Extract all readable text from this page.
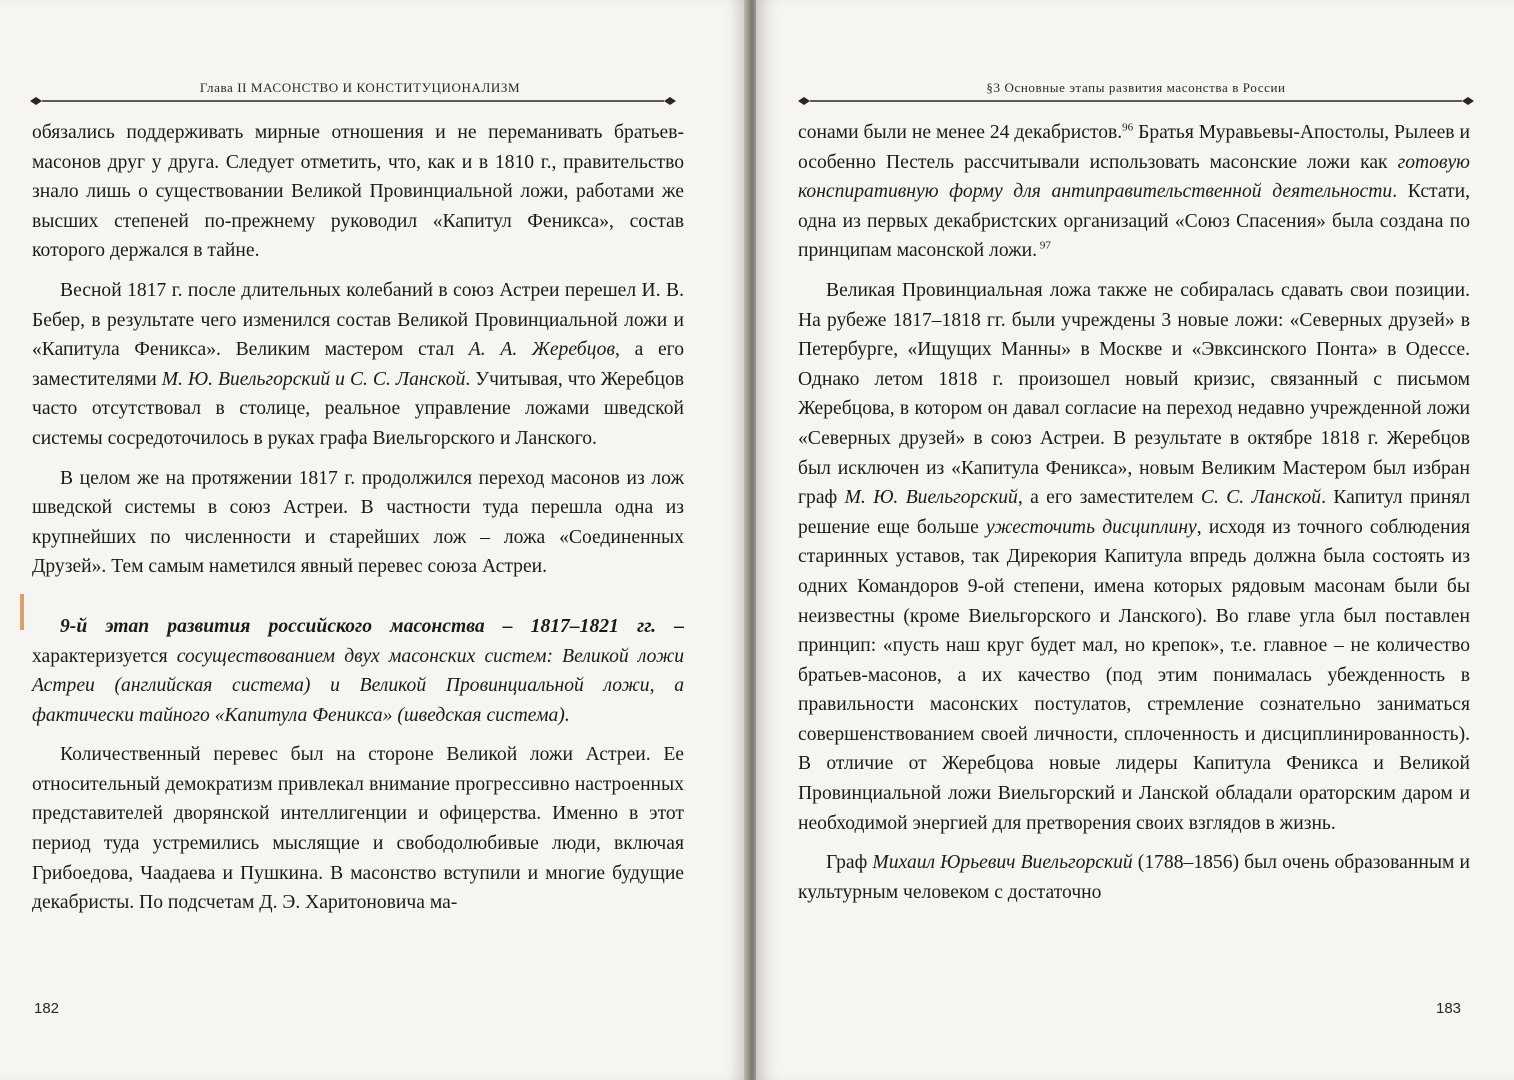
Глава II МАСОНСТВО И КОНСТИТУЦИОНАЛИЗМ

обязались поддерживать мирные отношения и не переманивать братьев-масонов друг у друга. Следует отметить, что, как и в 1810 г., правительство знало лишь о существовании Великой Провинциальной ложи, работами же высших степеней по-прежнему руководил «Капитул Феникса», состав которого держался в тайне.

Весной 1817 г. после длительных колебаний в союз Астреи перешел И. В. Бебер, в результате чего изменился состав Великой Провинциальной ложи и «Капитула Феникса». Великим мастером стал А. А. Жеребцов, а его заместителями М. Ю. Виельгорский и С. С. Ланской. Учитывая, что Жеребцов часто отсутствовал в столице, реальное управление ложами шведской системы сосредоточилось в руках графа Виельгорского и Ланского.

В целом же на протяжении 1817 г. продолжился переход масонов из лож шведской системы в союз Астреи. В частности туда перешла одна из крупнейших по численности и старейших лож – ложа «Соединенных Друзей». Тем самым наметился явный перевес союза Астреи.

9-й этап развития российского масонства – 1817–1821 гг. – характеризуется сосуществованием двух масонских систем: Великой ложи Астреи (английская система) и Великой Провинциальной ложи, а фактически тайного «Капитула Феникса» (шведская система).

Количественный перевес был на стороне Великой ложи Астреи. Ее относительный демократизм привлекал внимание прогрессивно настроенных представителей дворянской интеллигенции и офицерства. Именно в этот период туда устремились мыслящие и свободолюбивые люди, включая Грибоедова, Чаадаева и Пушкина. В масонство вступили и многие будущие декабристы. По подсчетам Д. Э. Харитоновича ма-

182
§3 Основные этапы развития масонства в России

сонами были не менее 24 декабристов.$^{96}$ Братья Муравьевы-Апостолы, Рылеев и особенно Пестель рассчитывали использовать масонские ложи как готовую конспиративную форму для антиправительственной деятельности. Кстати, одна из первых декабристских организаций «Союз Спасения» была создана по принципам масонской ложи. $^{97}$

Великая Провинциальная ложа также не собиралась сдавать свои позиции. На рубеже 1817–1818 гг. были учреждены 3 новые ложи: «Северных друзей» в Петербурге, «Ищущих Манны» в Москве и «Эвксинского Понта» в Одессе. Однако летом 1818 г. произошел новый кризис, связанный с письмом Жеребцова, в котором он давал согласие на переход недавно учрежденной ложи «Северных друзей» в союз Астреи. В результате в октябре 1818 г. Жеребцов был исключен из «Капитула Феникса», новым Великим Мастером был избран граф М. Ю. Виельгорский, а его заместителем С. С. Ланской. Капитул принял решение еще больше ужесточить дисциплину, исходя из точного соблюдения старинных уставов, так Дирекория Капитула впредь должна была состоять из одних Командоров 9-ой степени, имена которых рядовым масонам были бы неизвестны (кроме Виельгорского и Ланского). Во главе угла был поставлен принцип: «пусть наш круг будет мал, но крепок», т.е. главное – не количество братьев-масонов, а их качество (под этим понималась убежденность в правильности масонских постулатов, стремление сознательно заниматься совершенствованием своей личности, сплоченность и дисциплинированность). В отличие от Жеребцова новые лидеры Капитула Феникса и Великой Провинциальной ложи Виельгорский и Ланской обладали ораторским даром и необходимой энергией для претворения своих взглядов в жизнь.

Граф Михаил Юрьевич Виельгорский (1788–1856) был очень образованным и культурным человеком с достаточно

183
